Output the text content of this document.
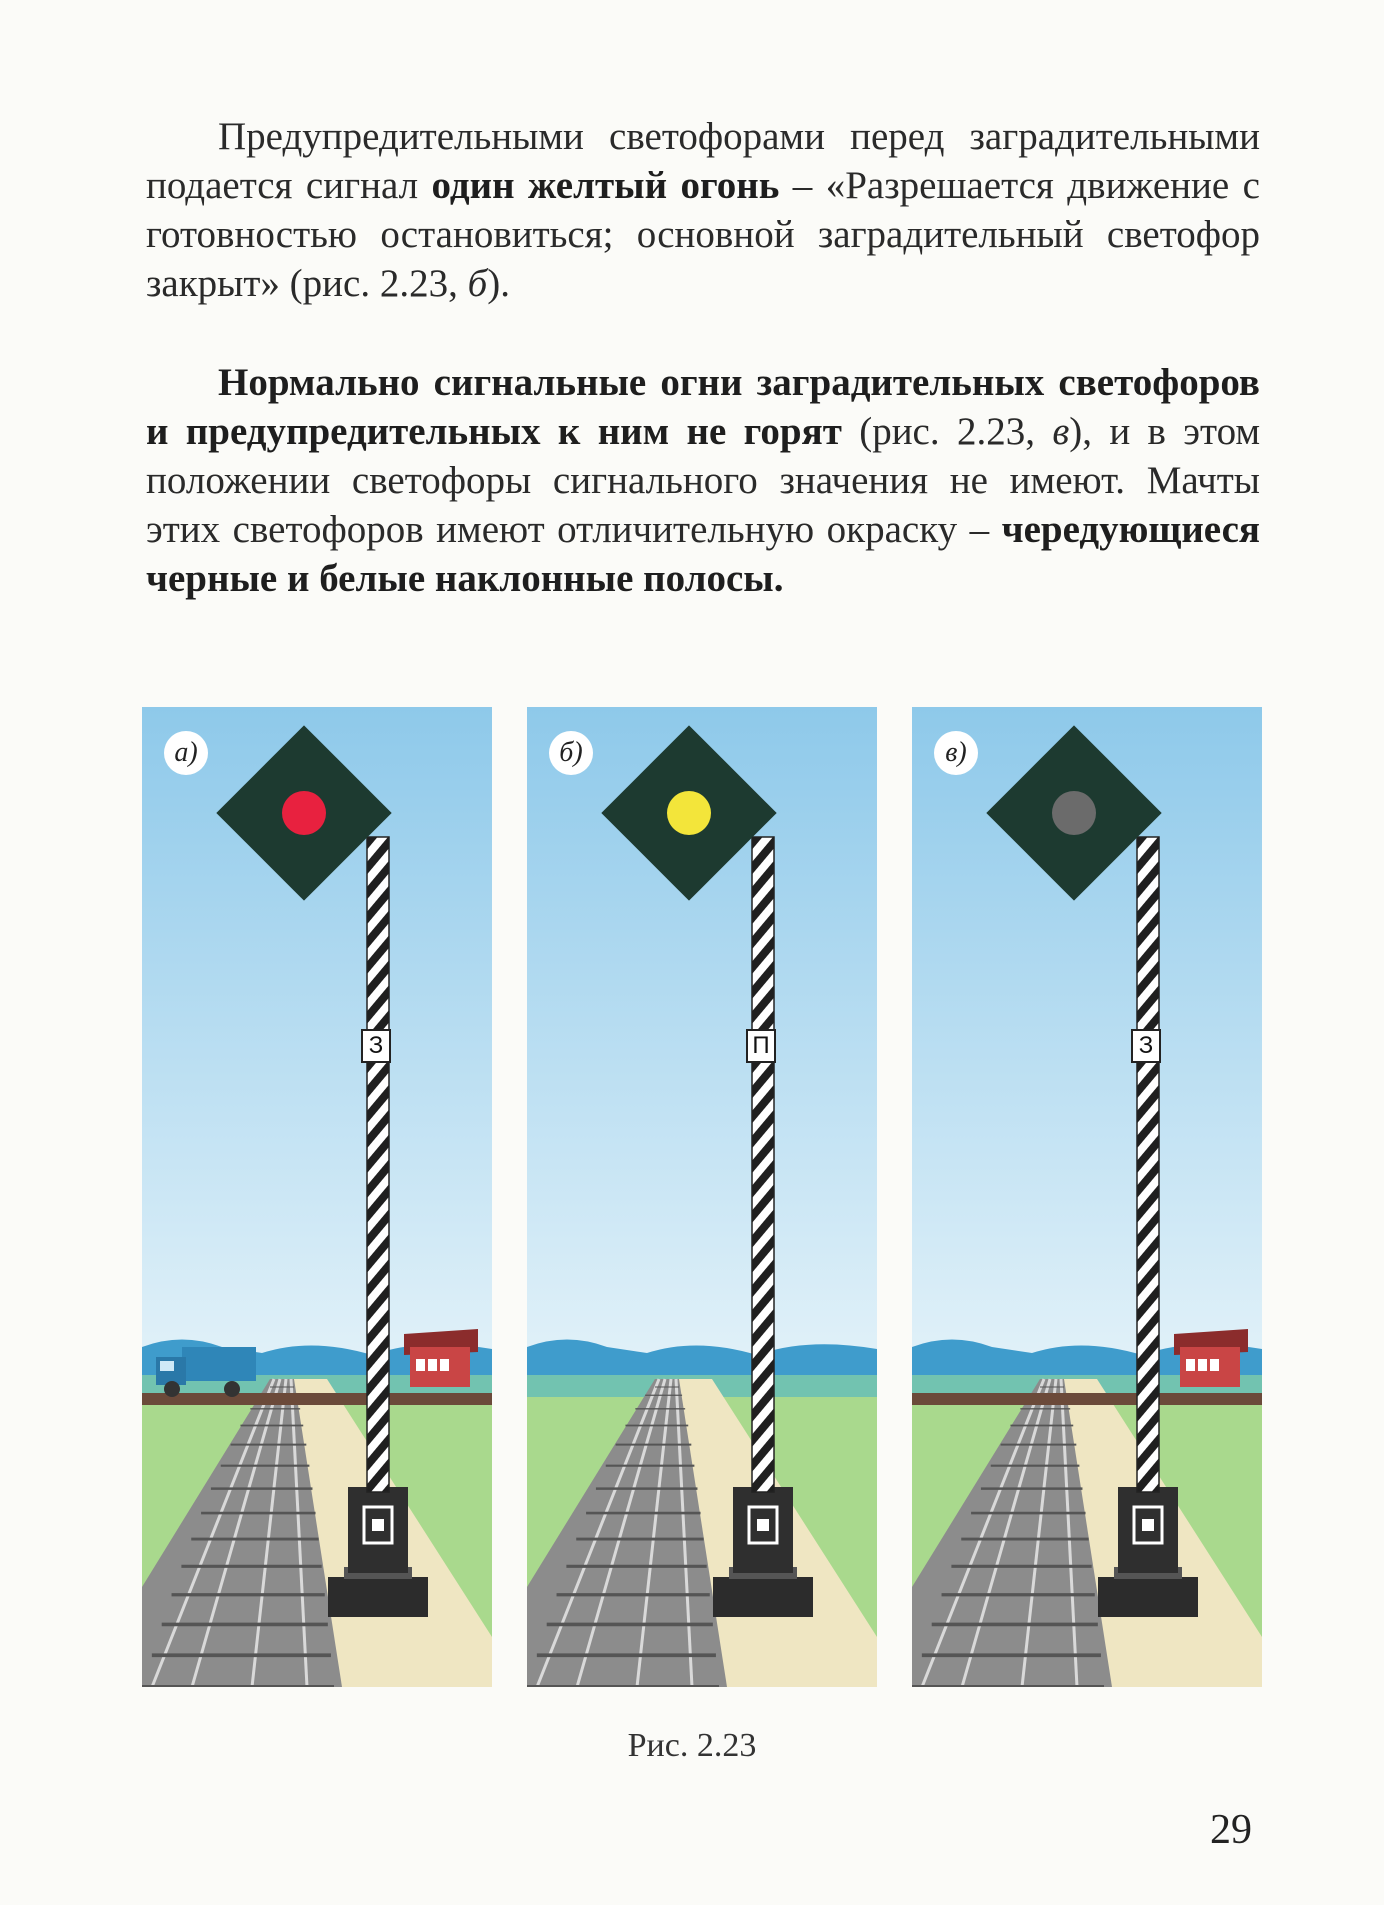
Предупредительными светофорами перед заградительными подается сигнал один желтый огонь – «Разрешается движение с готовностью остановиться; основной заградительный светофор закрыт» (рис. 2.23, б).

Нормально сигнальные огни заградительных светофоров и предупредительных к ним не горят (рис. 2.23, в), и в этом положении светофоры сигнального значения не имеют. Мачты этих светофоров имеют отличительную окраску – чередующиеся черные и белые наклонные полосы.

а)
З
б)
П
в)
З
Рис. 2.23
29
